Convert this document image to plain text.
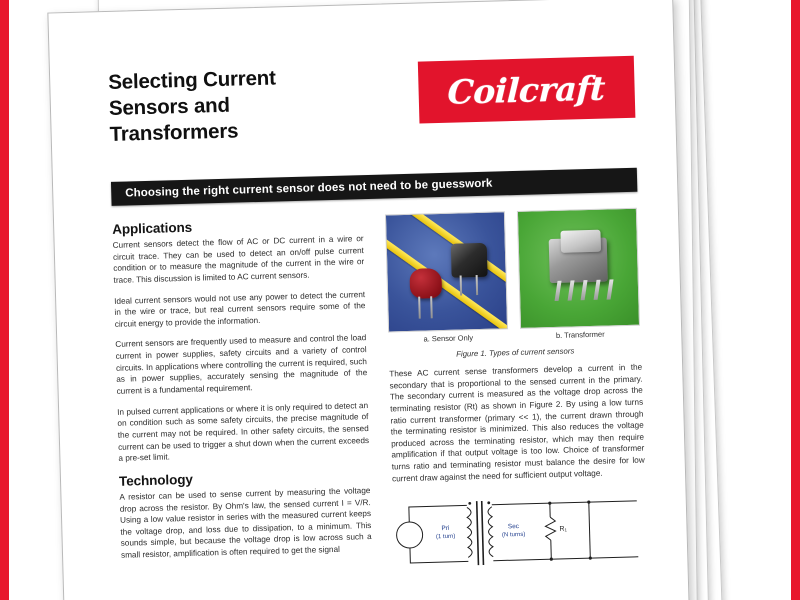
Selecting Current Sensors and Transformers
Coilcraft
Choosing the right current sensor does not need to be guesswork
Applications

Current sensors detect the flow of AC or DC current in a wire or circuit trace. They can be used to detect an on/off pulse current condition or to measure the magnitude of the current in the wire or trace. This discussion is limited to AC current sensors.

Ideal current sensors would not use any power to detect the current in the wire or trace, but real current sensors require some of the circuit energy to provide the information.

Current sensors are frequently used to measure and control the load current in power supplies, safety circuits and a variety of control circuits. In applications where controlling the current is required, such as in power supplies, accurately sensing the magnitude of the current is a fundamental requirement.

In pulsed current applications or where it is only required to detect an on condition such as some safety circuits, the precise magnitude of the current may not be required. In other safety circuits, the sensed current can be used to trigger a shut down when the current exceeds a pre-set limit.

Technology

A resistor can be used to sense current by measuring the voltage drop across the resistor. By Ohm's law, the sensed current I = V/R. Using a low value resistor in series with the measured current keeps the voltage drop, and loss due to dissipation, to a minimum. This sounds simple, but because the voltage drop is low across such a small resistor, amplification is often required to get the signal

a. Sensor Only	b. Transformer
Figure 1. Types of current sensors

These AC current sense transformers develop a current in the secondary that is proportional to the sensed current in the primary. The secondary current is measured as the voltage drop across the terminating resistor (Rt) as shown in Figure 2. By using a low turns ratio current transformer (primary << 1), the current drawn through the terminating resistor is minimized. This also reduces the voltage produced across the terminating resistor, which may then require amplification if that output voltage is too low. Choice of transformer turns ratio and terminating resistor must balance the desire for low current draw against the need for sufficient output voltage.

Pri
(1 turn)
Sec
(N turns)
R₁
